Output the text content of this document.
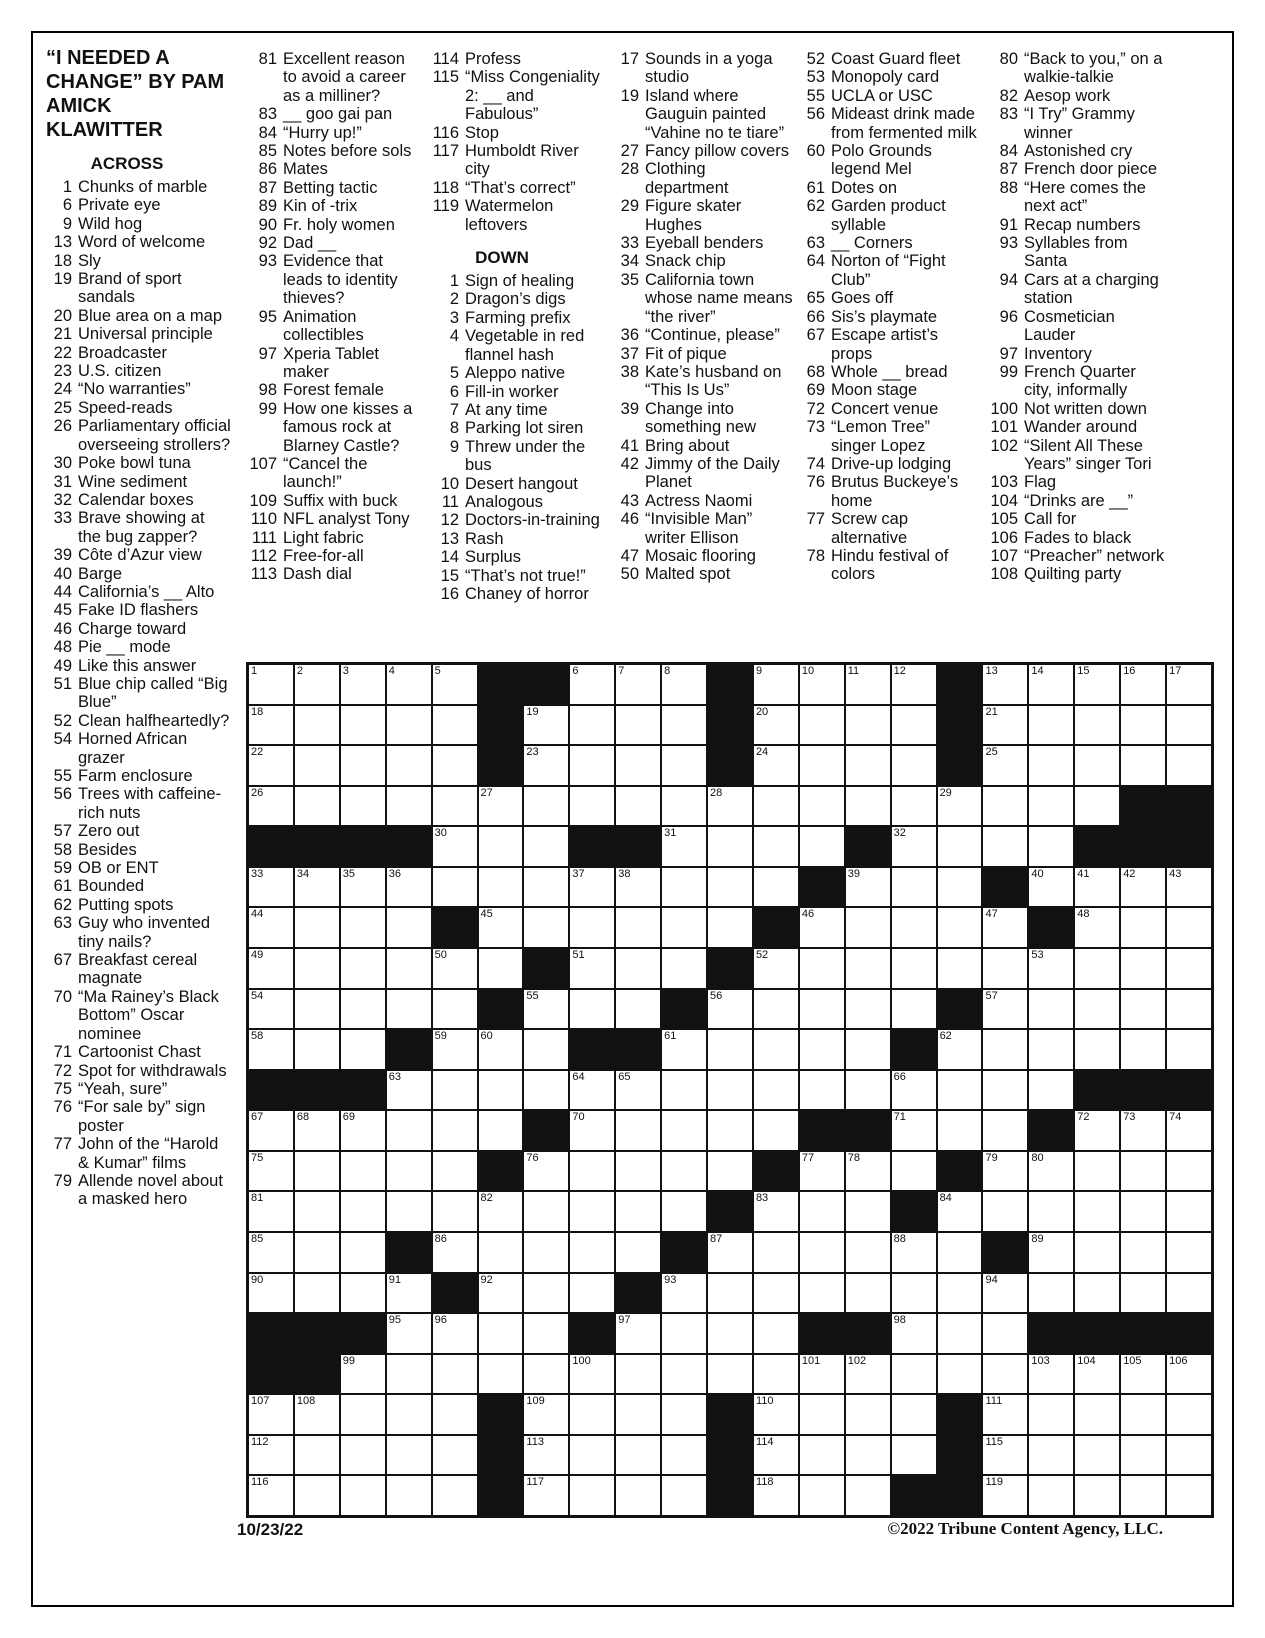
“I NEEDED A CHANGE” BY PAM AMICK KLAWITTER
ACROSS
1 Chunks of marble
6 Private eye
9 Wild hog
13 Word of welcome
18 Sly
19 Brand of sport sandals
20 Blue area on a map
21 Universal principle
22 Broadcaster
23 U.S. citizen
24 “No warranties”
25 Speed-reads
26 Parliamentary official overseeing strollers?
30 Poke bowl tuna
31 Wine sediment
32 Calendar boxes
33 Brave showing at the bug zapper?
39 Côte d’Azur view
40 Barge
44 California’s __ Alto
45 Fake ID flashers
46 Charge toward
48 Pie __ mode
49 Like this answer
51 Blue chip called “Big Blue”
52 Clean halfheartedly?
54 Horned African grazer
55 Farm enclosure
56 Trees with caffeine-rich nuts
57 Zero out
58 Besides
59 OB or ENT
61 Bounded
62 Putting spots
63 Guy who invented tiny nails?
67 Breakfast cereal magnate
70 “Ma Rainey’s Black Bottom” Oscar nominee
71 Cartoonist Chast
72 Spot for withdrawals
75 “Yeah, sure”
76 “For sale by” sign poster
77 John of the “Harold & Kumar” films
79 Allende novel about a masked hero
81 Excellent reason to avoid a career as a milliner?
83 __ goo gai pan
84 “Hurry up!”
85 Notes before sols
86 Mates
87 Betting tactic
89 Kin of -trix
90 Fr. holy women
92 Dad __
93 Evidence that leads to identity thieves?
95 Animation collectibles
97 Xperia Tablet maker
98 Forest female
99 How one kisses a famous rock at Blarney Castle?
107 “Cancel the launch!”
109 Suffix with buck
110 NFL analyst Tony
111 Light fabric
112 Free-for-all
113 Dash dial
114 Profess
115 “Miss Congeniality 2: __ and Fabulous”
116 Stop
117 Humboldt River city
118 “That’s correct”
119 Watermelon leftovers
DOWN
1 Sign of healing
2 Dragon’s digs
3 Farming prefix
4 Vegetable in red flannel hash
5 Aleppo native
6 Fill-in worker
7 At any time
8 Parking lot siren
9 Threw under the bus
10 Desert hangout
11 Analogous
12 Doctors-in-training
13 Rash
14 Surplus
15 “That’s not true!”
16 Chaney of horror
17 Sounds in a yoga studio
19 Island where Gauguin painted “Vahine no te tiare”
27 Fancy pillow covers
28 Clothing department
29 Figure skater Hughes
33 Eyeball benders
34 Snack chip
35 California town whose name means “the river”
36 “Continue, please”
37 Fit of pique
38 Kate’s husband on “This Is Us”
39 Change into something new
41 Bring about
42 Jimmy of the Daily Planet
43 Actress Naomi
46 “Invisible Man” writer Ellison
47 Mosaic flooring
50 Malted spot
52 Coast Guard fleet
53 Monopoly card
55 UCLA or USC
56 Mideast drink made from fermented milk
60 Polo Grounds legend Mel
61 Dotes on
62 Garden product syllable
63 __ Corners
64 Norton of “Fight Club”
65 Goes off
66 Sis’s playmate
67 Escape artist’s props
68 Whole __ bread
69 Moon stage
72 Concert venue
73 “Lemon Tree” singer Lopez
74 Drive-up lodging
76 Brutus Buckeye’s home
77 Screw cap alternative
78 Hindu festival of colors
80 “Back to you,” on a walkie-talkie
82 Aesop work
83 “I Try” Grammy winner
84 Astonished cry
87 French door piece
88 “Here comes the next act”
91 Recap numbers
93 Syllables from Santa
94 Cars at a charging station
96 Cosmetician Lauder
97 Inventory
99 French Quarter city, informally
100 Not written down
101 Wander around
102 “Silent All These Years” singer Tori
103 Flag
104 “Drinks are __”
105 Call for
106 Fades to black
107 “Preacher” network
108 Quilting party
1	2	3	4	5	6	7	8	9	10	11	12	13	14	15	16	17
18	19	20	21
22	23	24	25
26	27	28	29
30	31	32
33	34	35	36	37	38	39	40	41	42	43
44	45	46	47	48
49	50	51	52	53
54	55	56	57
58	59	60	61	62
63	64	65	66
67	68	69	70	71	72	73	74
75	76	77	78	79	80
81	82	83	84
85	86	87	88	89
90	91	92	93	94
95	96	97	98
99	100	101	102	103	104	105	106
107	108	109	110	111
112	113	114	115
116	117	118	119
10/23/22	©2022 Tribune Content Agency, LLC.
